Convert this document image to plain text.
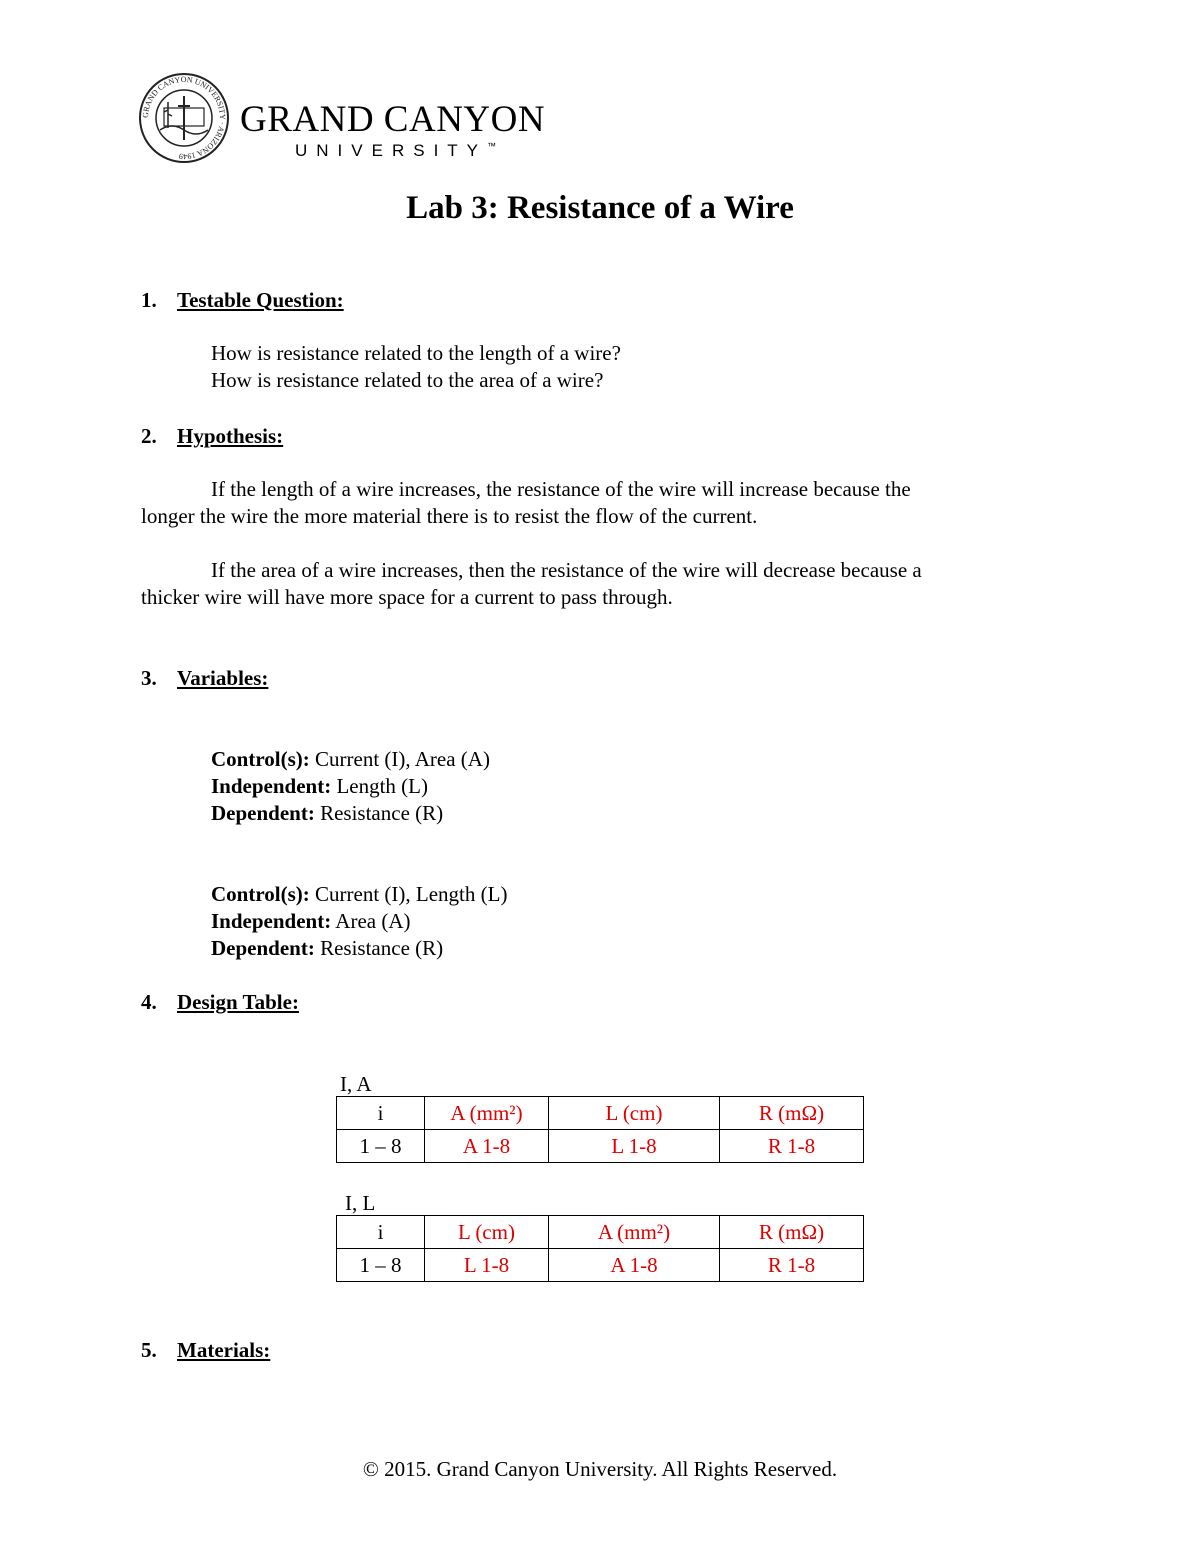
GRAND CANYON UNIVERSITY · ARIZONA 1949
GRAND CANYON
UNIVERSITY™
Lab 3: Resistance of a Wire
1. Testable Question:
How is resistance related to the length of a wire?
How is resistance related to the area of a wire?
2. Hypothesis:
If the length of a wire increases, the resistance of the wire will increase because the
longer the wire the more material there is to resist the flow of the current.
If the area of a wire increases, then the resistance of the wire will decrease because a
thicker wire will have more space for a current to pass through.
3. Variables:
Control(s): Current (I), Area (A)
Independent: Length (L)
Dependent: Resistance (R)
Control(s): Current (I), Length (L)
Independent: Area (A)
Dependent: Resistance (R)
4. Design Table:
I, A
i	A (mm²)	L (cm)	R (mΩ)
1 – 8	A 1-8	L 1-8	R 1-8
I, L
i	L (cm)	A (mm²)	R (mΩ)
1 – 8	L 1-8	A 1-8	R 1-8
5. Materials:
© 2015. Grand Canyon University. All Rights Reserved.
